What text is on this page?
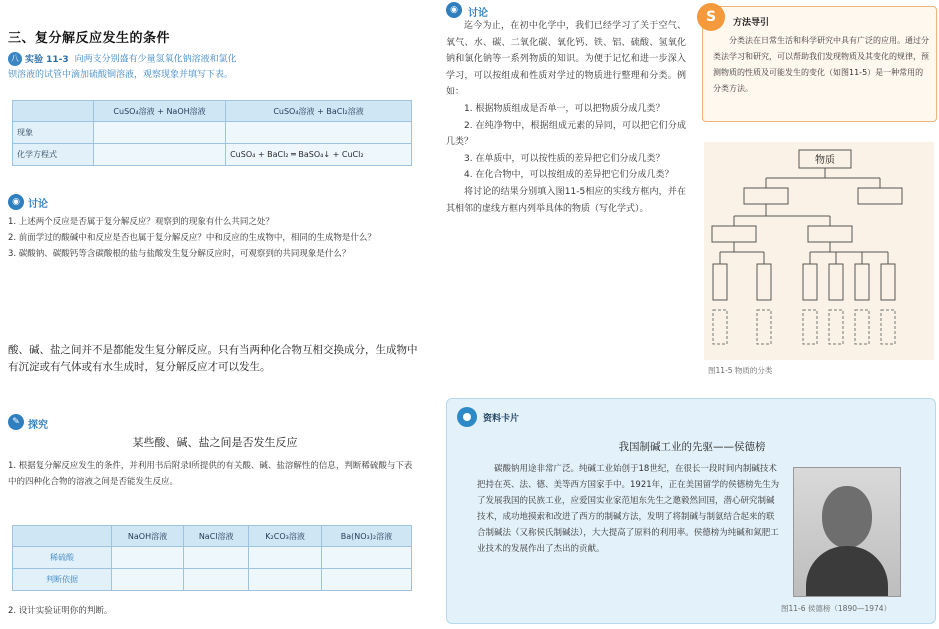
三、复分解反应发生的条件
八 实验 11-3 向两支分别盛有少量氢氧化钠溶液和氯化
钡溶液的试管中滴加硫酸铜溶液，观察现象并填写下表。
	CuSO₄溶液 + NaOH溶液	CuSO₄溶液 + BaCl₂溶液
现象		
化学方程式		CuSO₄ + BaCl₂ ═ BaSO₄↓ + CuCl₂
◉ 讨论

1. 上述两个反应是否属于复分解反应？观察到的现象有什么共同之处？

2. 前面学过的酸碱中和反应是否也属于复分解反应？中和反应的生成物中，相同的生成物是什么？

3. 碳酸钠、碳酸钙等含碳酸根的盐与盐酸发生复分解反应时，可观察到的共同现象是什么？

酸、碱、盐之间并不是都能发生复分解反应。只有当两种化合物互相交换成分，生成物中有沉淀或有气体或有水生成时，复分解反应才可以发生。
✎ 探究
某些酸、碱、盐之间是否发生反应
1. 根据复分解反应发生的条件，并利用书后附录Ⅰ所提供的有关酸、碱、盐溶解性的信息，判断稀硫酸与下表中的四种化合物的溶液之间是否能发生反应。
	NaOH溶液	NaCl溶液	K₂CO₃溶液	Ba(NO₃)₂溶液
稀硫酸				
判断依据				
2. 设计实验证明你的判断。
◉	讨论

迄今为止，在初中化学中，我们已经学习了关于空气、氧气、水、碳、二氧化碳、氧化钙、铁、铝、硫酸、氢氧化钠和氯化钠等一系列物质的知识。为便于记忆和进一步深入学习，可以按组成和性质对学过的物质进行整理和分类。例如：

1. 根据物质组成是否单一，可以把物质分成几类？

2. 在纯净物中，根据组成元素的异同，可以把它们分成几类？

3. 在单质中，可以按性质的差异把它们分成几类？

4. 在化合物中，可以按组成的差异把它们分成几类？

将讨论的结果分别填入图11-5相应的实线方框内，并在其相邻的虚线方框内列举具体的物质（写化学式）。

S	方法导引
分类法在日常生活和科学研究中具有广泛的应用。通过分类法学习和研究，可以帮助我们发现物质及其变化的规律，预测物质的性质及可能发生的变化（如图11-5）是一种常用的分类方法。
物质
图11-5 物质的分类
资料卡片
我国制碱工业的先驱——侯德榜
碳酸钠用途非常广泛。纯碱工业始创于18世纪，在很长一段时间内制碱技术把持在英、法、德、美等西方国家手中。1921年，正在美国留学的侯德榜先生为了发展我国的民族工业，应爱国实业家范旭东先生之邀毅然回国，潜心研究制碱技术，成功地摸索和改进了西方的制碱方法，发明了将制碱与制氨结合起来的联合制碱法（又称侯氏制碱法），大大提高了原料的利用率。侯德榜为纯碱和氮肥工业技术的发展作出了杰出的贡献。
图11-6 侯德榜（1890—1974）
